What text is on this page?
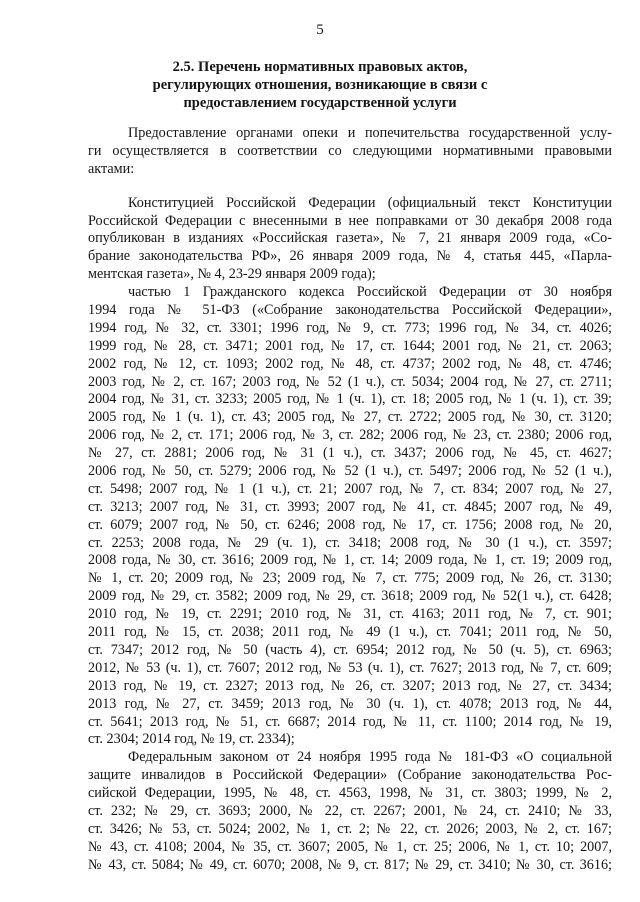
5
2.5. Перечень нормативных правовых актов,
регулирующих отношения, возникающие в связи с
предоставлением государственной услуги
Предоставление органами опеки и попечительства государственной услу-
ги осуществляется в соответствии со следующими нормативными правовыми
актами:
Конституцией Российской Федерации (официальный текст Конституции
Российской Федерации с внесенными в нее поправками от 30 декабря 2008 года
опубликован в изданиях «Российская газета», № 7, 21 января 2009 года, «Со-
брание законодательства РФ», 26 января 2009 года, № 4, статья 445, «Парла-
ментская газета», № 4, 23-29 января 2009 года);
частью 1 Гражданского кодекса Российской Федерации от 30 ноября
1994 года № 51-ФЗ («Собрание законодательства Российской Федерации»,
1994 год, № 32, ст. 3301; 1996 год, № 9, ст. 773; 1996 год, № 34, ст. 4026;
1999 год, № 28, ст. 3471; 2001 год, № 17, ст. 1644; 2001 год, № 21, ст. 2063;
2002 год, № 12, ст. 1093; 2002 год, № 48, ст. 4737; 2002 год, № 48, ст. 4746;
2003 год, № 2, ст. 167; 2003 год, № 52 (1 ч.), ст. 5034; 2004 год, № 27, ст. 2711;
2004 год, № 31, ст. 3233; 2005 год, № 1 (ч. 1), ст. 18; 2005 год, № 1 (ч. 1), ст. 39;
2005 год, № 1 (ч. 1), ст. 43; 2005 год, № 27, ст. 2722; 2005 год, № 30, ст. 3120;
2006 год, № 2, ст. 171; 2006 год, № 3, ст. 282; 2006 год, № 23, ст. 2380; 2006 год,
№ 27, ст. 2881; 2006 год, № 31 (1 ч.), ст. 3437; 2006 год, № 45, ст. 4627;
2006 год, № 50, ст. 5279; 2006 год, № 52 (1 ч.), ст. 5497; 2006 год, № 52 (1 ч.),
ст. 5498; 2007 год, № 1 (1 ч.), ст. 21; 2007 год, № 7, ст. 834; 2007 год, № 27,
ст. 3213; 2007 год, № 31, ст. 3993; 2007 год, № 41, ст. 4845; 2007 год, № 49,
ст. 6079; 2007 год, № 50, ст. 6246; 2008 год, № 17, ст. 1756; 2008 год, № 20,
ст. 2253; 2008 года, № 29 (ч. 1), ст. 3418; 2008 год, № 30 (1 ч.), ст. 3597;
2008 года, № 30, ст. 3616; 2009 год, № 1, ст. 14; 2009 года, № 1, ст. 19; 2009 год,
№ 1, ст. 20; 2009 год, № 23; 2009 год, № 7, ст. 775; 2009 год, № 26, ст. 3130;
2009 год, № 29, ст. 3582; 2009 год, № 29, ст. 3618; 2009 год, № 52(1 ч.), ст. 6428;
2010 год, № 19, ст. 2291; 2010 год, № 31, ст. 4163; 2011 год, № 7, ст. 901;
2011 год, № 15, ст. 2038; 2011 год, № 49 (1 ч.), ст. 7041; 2011 год, № 50,
ст. 7347; 2012 год, № 50 (часть 4), ст. 6954; 2012 год, № 50 (ч. 5), ст. 6963;
2012, № 53 (ч. 1), ст. 7607; 2012 год, № 53 (ч. 1), ст. 7627; 2013 год, № 7, ст. 609;
2013 год, № 19, ст. 2327; 2013 год, № 26, ст. 3207; 2013 год, № 27, ст. 3434;
2013 год, № 27, ст. 3459; 2013 год, № 30 (ч. 1), ст. 4078; 2013 год, № 44,
ст. 5641; 2013 год, № 51, ст. 6687; 2014 год, № 11, ст. 1100; 2014 год, № 19,
ст. 2304; 2014 год, № 19, ст. 2334);
Федеральным законом от 24 ноября 1995 года № 181-ФЗ «О социальной
защите инвалидов в Российской Федерации» (Собрание законодательства Рос-
сийской Федерации, 1995, № 48, ст. 4563, 1998, № 31, ст. 3803; 1999, № 2,
ст. 232; № 29, ст. 3693; 2000, № 22, ст. 2267; 2001, № 24, ст. 2410; № 33,
ст. 3426; № 53, ст. 5024; 2002, № 1, ст. 2; № 22, ст. 2026; 2003, № 2, ст. 167;
№ 43, ст. 4108; 2004, № 35, ст. 3607; 2005, № 1, ст. 25; 2006, № 1, ст. 10; 2007,
№ 43, ст. 5084; № 49, ст. 6070; 2008, № 9, ст. 817; № 29, ст. 3410; № 30, ст. 3616;
